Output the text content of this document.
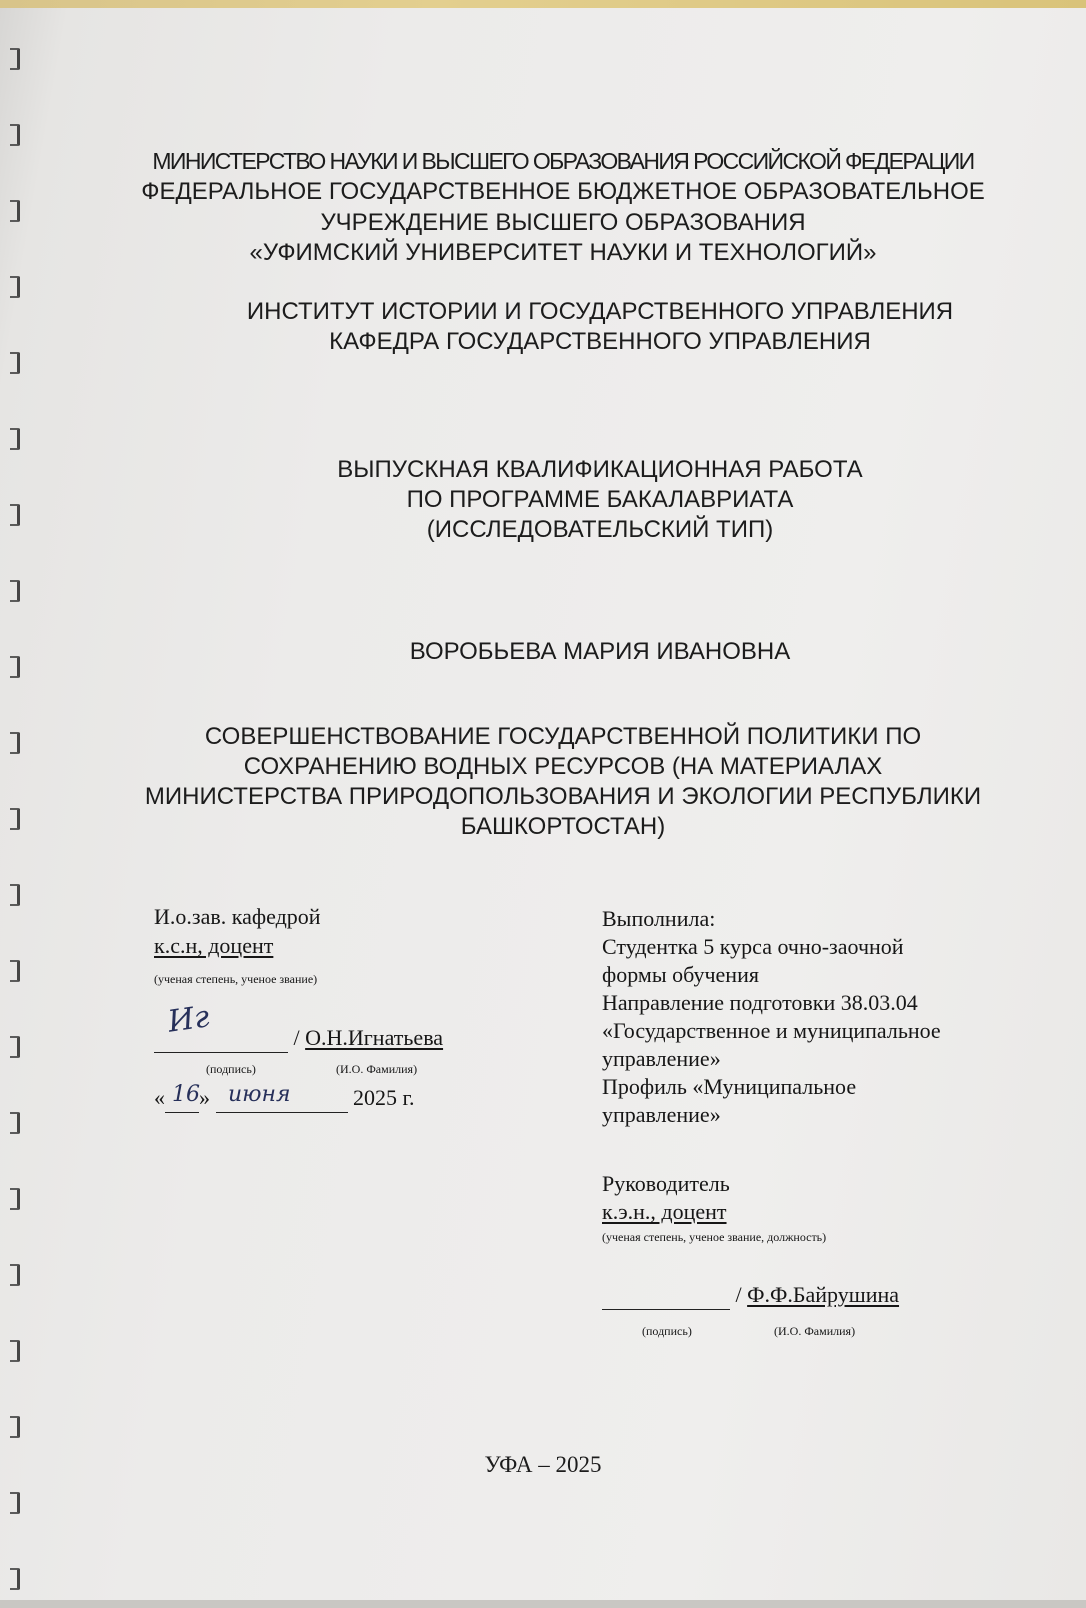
МИНИСТЕРСТВО НАУКИ И ВЫСШЕГО ОБРАЗОВАНИЯ РОССИЙСКОЙ ФЕДЕРАЦИИ
ФЕДЕРАЛЬНОЕ ГОСУДАРСТВЕННОЕ БЮДЖЕТНОЕ ОБРАЗОВАТЕЛЬНОЕ
УЧРЕЖДЕНИЕ ВЫСШЕГО ОБРАЗОВАНИЯ
«УФИМСКИЙ УНИВЕРСИТЕТ НАУКИ И ТЕХНОЛОГИЙ»
ИНСТИТУТ ИСТОРИИ И ГОСУДАРСТВЕННОГО УПРАВЛЕНИЯ
КАФЕДРА ГОСУДАРСТВЕННОГО УПРАВЛЕНИЯ
ВЫПУСКНАЯ КВАЛИФИКАЦИОННАЯ РАБОТА
ПО ПРОГРАММЕ БАКАЛАВРИАТА
(ИССЛЕДОВАТЕЛЬСКИЙ ТИП)
ВОРОБЬЕВА МАРИЯ ИВАНОВНА
СОВЕРШЕНСТВОВАНИЕ ГОСУДАРСТВЕННОЙ ПОЛИТИКИ ПО
СОХРАНЕНИЮ ВОДНЫХ РЕСУРСОВ (НА МАТЕРИАЛАХ
МИНИСТЕРСТВА ПРИРОДОПОЛЬЗОВАНИЯ И ЭКОЛОГИИ РЕСПУБЛИКИ
БАШКОРТОСТАН)
И.о.зав. кафедрой
к.с.н, доцент
(ученая степень, ученое звание)
/ О.Н.Игнатьева
Иг
(подпись)	(И.О. Фамилия)
« »	2025 г.
16 июня
Выполнила:
Студентка 5 курса очно-заочной
формы обучения
Направление подготовки 38.03.04
«Государственное и муниципальное
управление»
Профиль «Муниципальное
управление»
Руководитель
к.э.н., доцент
(ученая степень, ученое звание, должность)
/ Ф.Ф.Байрушина
(подпись)	(И.О. Фамилия)
УФА – 2025
